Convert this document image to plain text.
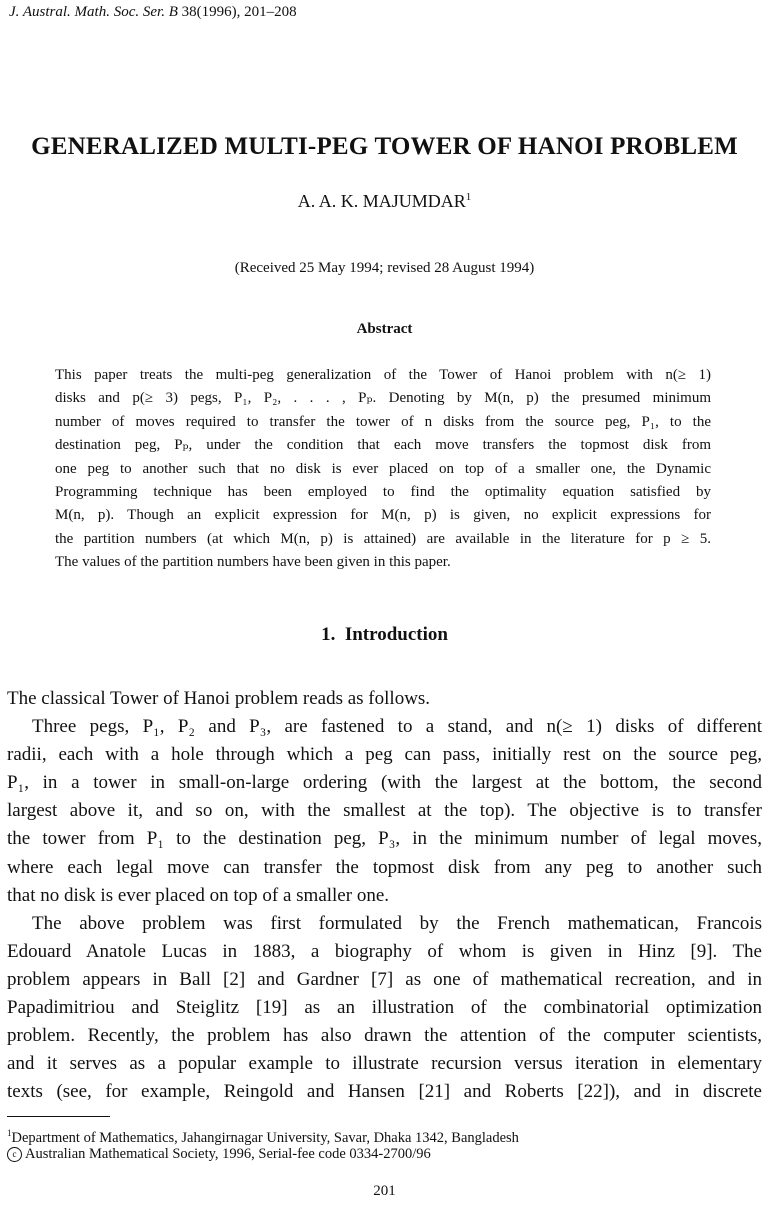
J. Austral. Math. Soc. Ser. B 38(1996), 201–208
GENERALIZED MULTI-PEG TOWER OF HANOI PROBLEM
A. A. K. MAJUMDAR$^1$
(Received 25 May 1994; revised 28 August 1994)
Abstract
This paper treats the multi-peg generalization of the Tower of Hanoi problem with n(≥ 1)
disks and p(≥ 3) pegs, P₁, P₂, . . . , Pₚ. Denoting by M(n, p) the presumed minimum
number of moves required to transfer the tower of n disks from the source peg, P₁, to the
destination peg, Pₚ, under the condition that each move transfers the topmost disk from
one peg to another such that no disk is ever placed on top of a smaller one, the Dynamic
Programming technique has been employed to find the optimality equation satisfied by
M(n, p). Though an explicit expression for M(n, p) is given, no explicit expressions for
the partition numbers (at which M(n, p) is attained) are available in the literature for p ≥ 5.
The values of the partition numbers have been given in this paper.
1. Introduction
The classical Tower of Hanoi problem reads as follows.
Three pegs, P₁, P₂ and P₃, are fastened to a stand, and n(≥ 1) disks of different
radii, each with a hole through which a peg can pass, initially rest on the source peg,
P₁, in a tower in small-on-large ordering (with the largest at the bottom, the second
largest above it, and so on, with the smallest at the top). The objective is to transfer
the tower from P₁ to the destination peg, P₃, in the minimum number of legal moves,
where each legal move can transfer the topmost disk from any peg to another such
that no disk is ever placed on top of a smaller one.
The above problem was first formulated by the French mathematican, Francois
Edouard Anatole Lucas in 1883, a biography of whom is given in Hinz [9]. The
problem appears in Ball [2] and Gardner [7] as one of mathematical recreation, and in
Papadimitriou and Steiglitz [19] as an illustration of the combinatorial optimization
problem. Recently, the problem has also drawn the attention of the computer scientists,
and it serves as a popular example to illustrate recursion versus iteration in elementary
texts (see, for example, Reingold and Hansen [21] and Roberts [22]), and in discrete
$^1$Department of Mathematics, Jahangirnagar University, Savar, Dhaka 1342, Bangladesh
c Australian Mathematical Society, 1996, Serial-fee code 0334-2700/96
201
